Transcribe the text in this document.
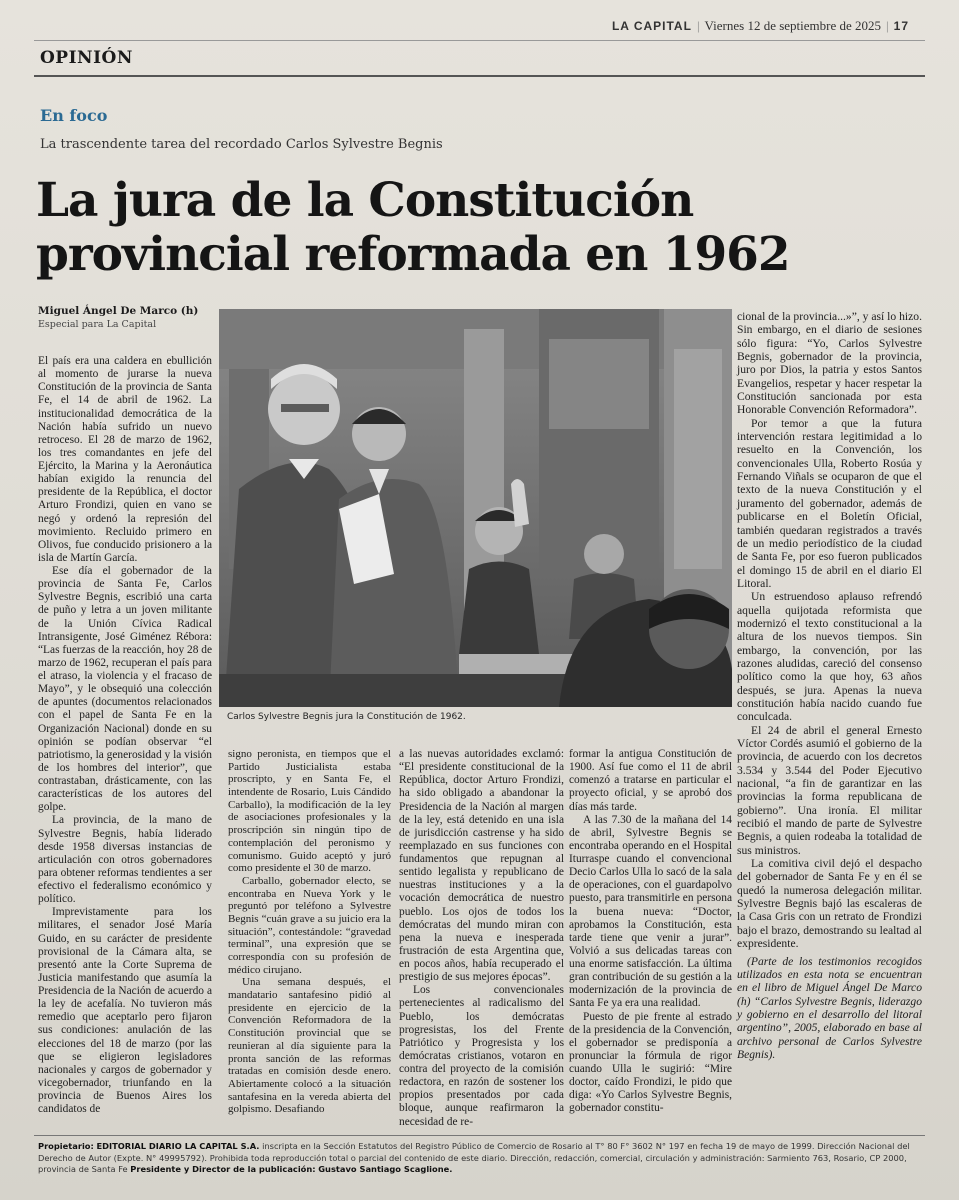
LA CAPITAL | Viernes 12 de septiembre de 2025 | 17
OPINIÓN
En foco
La trascendente tarea del recordado Carlos Sylvestre Begnis
La jura de la Constitución
provincial reformada en 1962
Miguel Ángel De Marco (h)
Especial para La Capital

El país era una caldera en ebullición al momento de jurarse la nueva Constitución de la provincia de Santa Fe, el 14 de abril de 1962. La institucionalidad democrática de la Nación había sufrido un nuevo retroceso. El 28 de marzo de 1962, los tres comandantes en jefe del Ejército, la Marina y la Aeronáutica habían exigido la renuncia del presidente de la República, el doctor Arturo Frondizi, quien en vano se negó y ordenó la represión del movimiento. Recluido primero en Olivos, fue conducido prisionero a la isla de Martín García.

Ese día el gobernador de la provincia de Santa Fe, Carlos Sylvestre Begnis, escribió una carta de puño y letra a un joven militante de la Unión Cívica Radical Intransigente, José Giménez Rébora: “Las fuerzas de la reacción, hoy 28 de marzo de 1962, recuperan el país para el atraso, la violencia y el fracaso de Mayo”, y le obsequió una colección de apuntes (documentos relacionados con el papel de Santa Fe en la Organización Nacional) donde en su opinión se podían observar “el patriotismo, la generosidad y la visión de los hombres del interior”, que contrastaban, drásticamente, con las características de los autores del golpe.

La provincia, de la mano de Sylvestre Begnis, había liderado desde 1958 diversas instancias de articulación con otros gobernadores para obtener reformas tendientes a ser efectivo el federalismo económico y político.

Imprevistamente para los militares, el senador José María Guido, en su carácter de presidente provisional de la Cámara alta, se presentó ante la Corte Suprema de Justicia manifestando que asumía la Presidencia de la Nación de acuerdo a la ley de acefalía. No tuvieron más remedio que aceptarlo pero fijaron sus condiciones: anulación de las elecciones del 18 de marzo (por las que se eligieron legisladores nacionales y cargos de gobernador y vicegobernador, triunfando en la provincia de Buenos Aires los candidatos de

Carlos Sylvestre Begnis jura la Constitución de 1962.

signo peronista, en tiempos que el Partido Justicialista estaba proscripto, y en Santa Fe, el intendente de Rosario, Luis Cándido Carballo), la modificación de la ley de asociaciones profesionales y la proscripción sin ningún tipo de contemplación del peronismo y comunismo. Guido aceptó y juró como presidente el 30 de marzo.

Carballo, gobernador electo, se encontraba en Nueva York y le preguntó por teléfono a Sylvestre Begnis “cuán grave a su juicio era la situación”, contestándole: “gravedad terminal”, una expresión que se correspondía con su profesión de médico cirujano.

Una semana después, el mandatario santafesino pidió al presidente en ejercicio de la Convención Reformadora de la Constitución provincial que se reunieran al día siguiente para la pronta sanción de las reformas tratadas en comisión desde enero. Abiertamente colocó a la situación santafesina en la vereda abierta del golpismo. Desafiando

a las nuevas autoridades exclamó: “El presidente constitucional de la República, doctor Arturo Frondizi, ha sido obligado a abandonar la Presidencia de la Nación al margen de la ley, está detenido en una isla de jurisdicción castrense y ha sido reemplazado en sus funciones con fundamentos que repugnan al sentido legalista y republicano de nuestras instituciones y a la vocación democrática de nuestro pueblo. Los ojos de todos los demócratas del mundo miran con pena la nueva e inesperada frustración de esta Argentina que, en pocos años, había recuperado el prestigio de sus mejores épocas”.

Los convencionales pertenecientes al radicalismo del Pueblo, los demócratas progresistas, los del Frente Patriótico y Progresista y los demócratas cristianos, votaron en contra del proyecto de la comisión redactora, en razón de sostener los propios presentados por cada bloque, aunque reafirmaron la necesidad de re-

formar la antigua Constitución de 1900. Así fue como el 11 de abril comenzó a tratarse en particular el proyecto oficial, y se aprobó dos días más tarde.

A las 7.30 de la mañana del 14 de abril, Sylvestre Begnis se encontraba operando en el Hospital Iturraspe cuando el convencional Decio Carlos Ulla lo sacó de la sala de operaciones, con el guardapolvo puesto, para transmitirle en persona la buena nueva: “Doctor, aprobamos la Constitución, esta tarde tiene que venir a jurar”. Volvió a sus delicadas tareas con una enorme satisfacción. La última gran contribución de su gestión a la modernización de la provincia de Santa Fe ya era una realidad.

Puesto de pie frente al estrado de la presidencia de la Convención, el gobernador se predisponía a pronunciar la fórmula de rigor cuando Ulla le sugirió: “Mire doctor, caído Frondizi, le pido que diga: «Yo Carlos Sylvestre Begnis, gobernador constitu-

cional de la provincia...»”, y así lo hizo. Sin embargo, en el diario de sesiones sólo figura: “Yo, Carlos Sylvestre Begnis, gobernador de la provincia, juro por Dios, la patria y estos Santos Evangelios, respetar y hacer respetar la Constitución sancionada por esta Honorable Convención Reformadora”.

Por temor a que la futura intervención restara legitimidad a lo resuelto en la Convención, los convencionales Ulla, Roberto Rosúa y Fernando Viñals se ocuparon de que el texto de la nueva Constitución y el juramento del gobernador, además de publicarse en el Boletín Oficial, también quedaran registrados a través de un medio periodístico de la ciudad de Santa Fe, por eso fueron publicados el domingo 15 de abril en el diario El Litoral.

Un estruendoso aplauso refrendó aquella quijotada reformista que modernizó el texto constitucional a la altura de los nuevos tiempos. Sin embargo, la convención, por las razones aludidas, careció del consenso político como la que hoy, 63 años después, se jura. Apenas la nueva constitución había nacido cuando fue conculcada.

El 24 de abril el general Ernesto Víctor Cordés asumió el gobierno de la provincia, de acuerdo con los decretos 3.534 y 3.544 del Poder Ejecutivo nacional, “a fin de garantizar en las provincias la forma republicana de gobierno”. Una ironía. El militar recibió el mando de parte de Sylvestre Begnis, a quien rodeaba la totalidad de sus ministros.

La comitiva civil dejó el despacho del gobernador de Santa Fe y en él se quedó la numerosa delegación militar. Sylvestre Begnis bajó las escaleras de la Casa Gris con un retrato de Frondizi bajo el brazo, demostrando su lealtad al expresidente.

(Parte de los testimonios recogidos utilizados en esta nota se encuentran en el libro de Miguel Ángel De Marco (h) “Carlos Sylvestre Begnis, liderazgo y gobierno en el desarrollo del litoral argentino”, 2005, elaborado en base al archivo personal de Carlos Sylvestre Begnis).

Propietario: EDITORIAL DIARIO LA CAPITAL S.A. inscripta en la Sección Estatutos del Registro Público de Comercio de Rosario al T° 80 F° 3602 N° 197 en fecha 19 de mayo de 1999. Dirección Nacional del Derecho de Autor (Expte. N° 49995792). Prohibida toda reproducción total o parcial del contenido de este diario. Dirección, redacción, comercial, circulación y administración: Sarmiento 763, Rosario, CP 2000, provincia de Santa Fe Presidente y Director de la publicación: Gustavo Santiago Scaglione.
